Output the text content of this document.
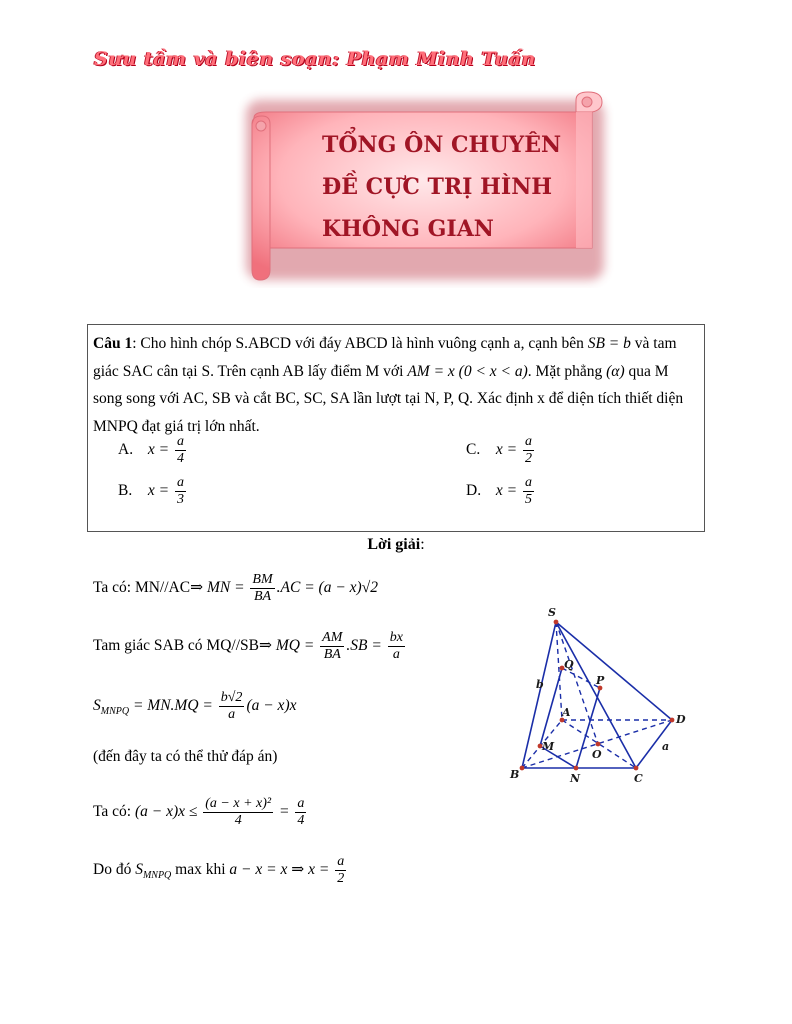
Sưu tầm và biên soạn: Phạm Minh Tuấn
TỔNG ÔN CHUYÊN
ĐỀ CỰC TRỊ HÌNH
KHÔNG GIAN
Câu 1: Cho hình chóp S.ABCD với đáy ABCD là hình vuông cạnh a, cạnh bên SB = b và tam giác SAC cân tại S. Trên cạnh AB lấy điểm M với AM = x (0 < x < a). Mặt phẳng (α) qua M song song với AC, SB và cắt BC, SC, SA lần lượt tại N, P, Q. Xác định x để diện tích thiết diện MNPQ đạt giá trị lớn nhất.
A. $x = \frac{a}{4}$	C. $x = \frac{a}{2}$
B. $x = \frac{a}{3}$	D. $x = \frac{a}{5}$
Lời giải:
Ta có: MN//AC⇒ MN = $\frac{BM}{BA} .AC = (a - x)√2$
Tam giác SAB có MQ//SB⇒ MQ = $\frac{AM}{BA} .SB = \frac{bx}{a}$
$S_{MNPQ} = MN.MQ = \frac{b√2}{a} (a - x)x$
(đến đây ta có thể thử đáp án)
Ta có: $(a - x)x \le \frac{\text{(a − x + x)²}}{4} = \frac{a}{4}$
Do đó $S_{MNPQ}$ max khi a − x = x ⇒ $x = \frac{a}{2}$
S
Q
P
b
A
D
M
O
a
B	N	C
